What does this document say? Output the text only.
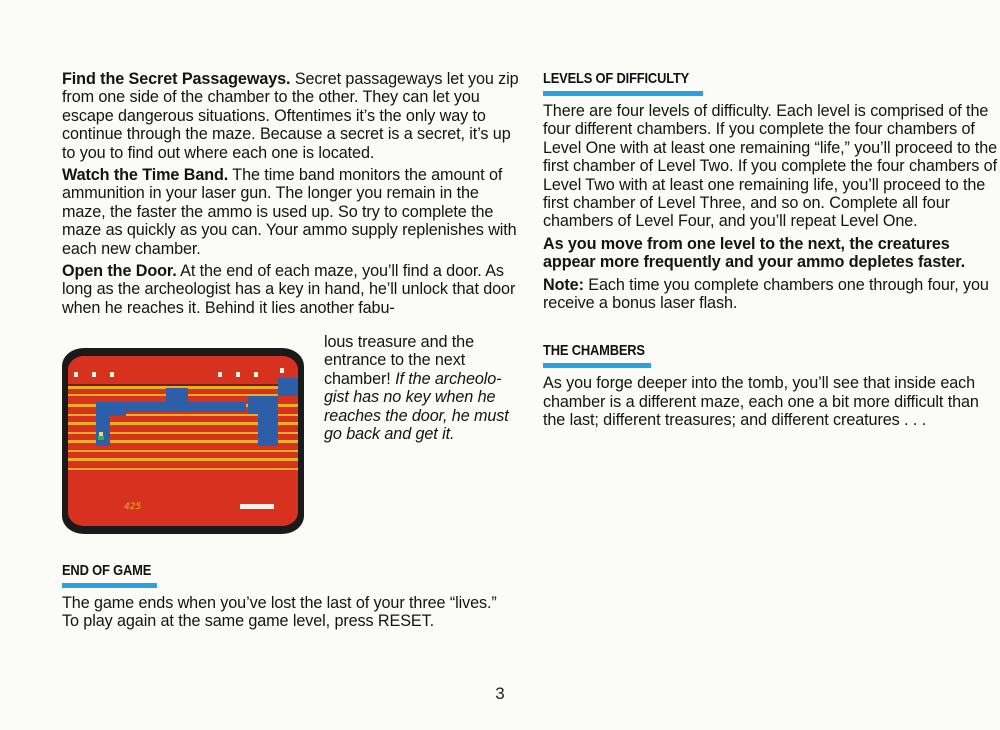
Find the Secret Passageways. Secret passageways let you zip from one side of the chamber to the other. They can let you escape dangerous situations. Oftentimes it’s the only way to continue through the maze. Because a secret is a secret, it’s up to you to find out where each one is located.

Watch the Time Band. The time band monitors the amount of ammunition in your laser gun. The longer you remain in the maze, the faster the ammo is used up. So try to complete the maze as quickly as you can. Your ammo supply replenishes with each new chamber.

Open the Door. At the end of each maze, you’ll find a door. As long as the archeologist has a key in hand, he’ll unlock that door when he reaches it. Behind it lies another fabu-

425

lous treasure and the entrance to the next chamber! If the archeolo-gist has no key when he reaches the door, he must go back and get it.

END OF GAME

The game ends when you’ve lost the last of your three “lives.” To play again at the same game level, press RESET.

LEVELS OF DIFFICULTY

There are four levels of difficulty. Each level is comprised of the four different chambers. If you complete the four chambers of Level One with at least one remaining “life,” you’ll proceed to the first chamber of Level Two. If you complete the four chambers of Level Two with at least one remaining life, you’ll proceed to the first chamber of Level Three, and so on. Complete all four chambers of Level Four, and you’ll repeat Level One.

As you move from one level to the next, the creatures appear more frequently and your ammo depletes faster.

Note: Each time you complete chambers one through four, you receive a bonus laser flash.

THE CHAMBERS

As you forge deeper into the tomb, you’ll see that inside each chamber is a different maze, each one a bit more difficult than the last; different treasures; and different creatures . . .

3
